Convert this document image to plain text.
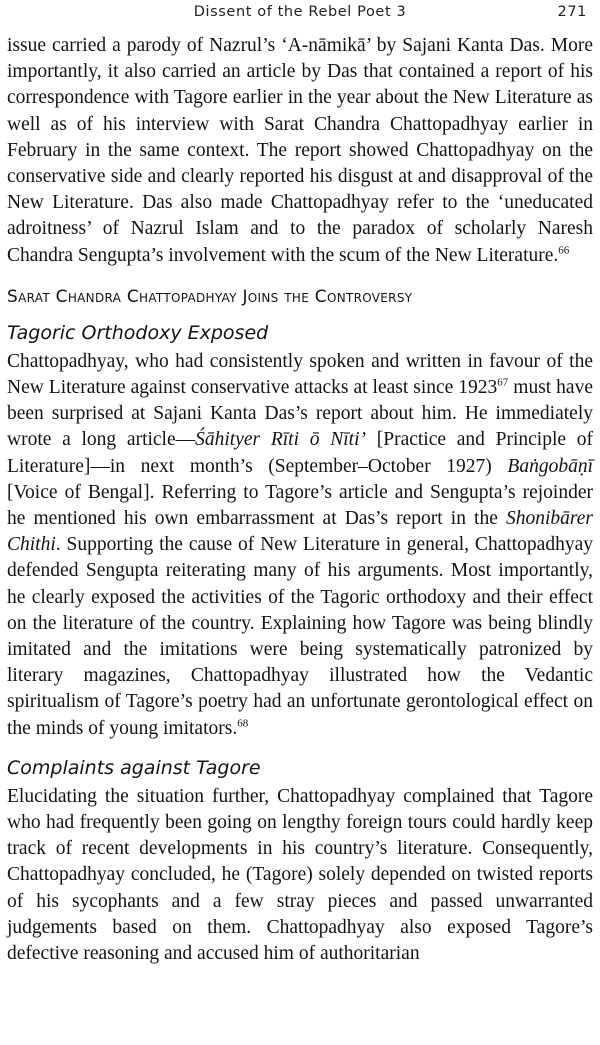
Dissent of the Rebel Poet 3	271

issue carried a parody of Nazrul’s ‘A-nāmikā’ by Sajani Kanta Das. More importantly, it also carried an article by Das that contained a report of his correspondence with Tagore earlier in the year about the New Literature as well as of his interview with Sarat Chandra Chattopadhyay earlier in February in the same context. The report showed Chattopadhyay on the conservative side and clearly reported his disgust at and disapproval of the New Literature. Das also made Chattopadhyay refer to the ‘uneducated adroitness’ of Nazrul Islam and to the paradox of scholarly Naresh Chandra Sengupta’s involvement with the scum of the New Literature.$^{66}$

Sarat Chandra Chattopadhyay Joins the Controversy
Tagoric Orthodoxy Exposed

Chattopadhyay, who had consistently spoken and written in favour of the New Literature against conservative attacks at least since 1923$^{67}$ must have been surprised at Sajani Kanta Das’s report about him. He immediately wrote a long article—Śāhityer Rīti ō Nīti’ [Practice and Principle of Literature]—in next month’s (September–October 1927) Baṅgobāṇī [Voice of Bengal]. Referring to Tagore’s article and Sengupta’s rejoinder he mentioned his own embarrassment at Das’s report in the Shonibārer Chithi. Supporting the cause of New Literature in general, Chattopadhyay defended Sengupta reiterating many of his arguments. Most importantly, he clearly exposed the activities of the Tagoric orthodoxy and their effect on the literature of the country. Explaining how Tagore was being blindly imitated and the imitations were being systematically patronized by literary magazines, Chattopadhyay illustrated how the Vedantic spiritualism of Tagore’s poetry had an unfortunate gerontological effect on the minds of young imitators.$^{68}$

Complaints against Tagore

Elucidating the situation further, Chattopadhyay complained that Tagore who had frequently been going on lengthy foreign tours could hardly keep track of recent developments in his country’s literature. Consequently, Chattopadhyay concluded, he (Tagore) solely depended on twisted reports of his sycophants and a few stray pieces and passed unwarranted judgements based on them. Chattopadhyay also exposed Tagore’s defective reasoning and accused him of authoritarian
